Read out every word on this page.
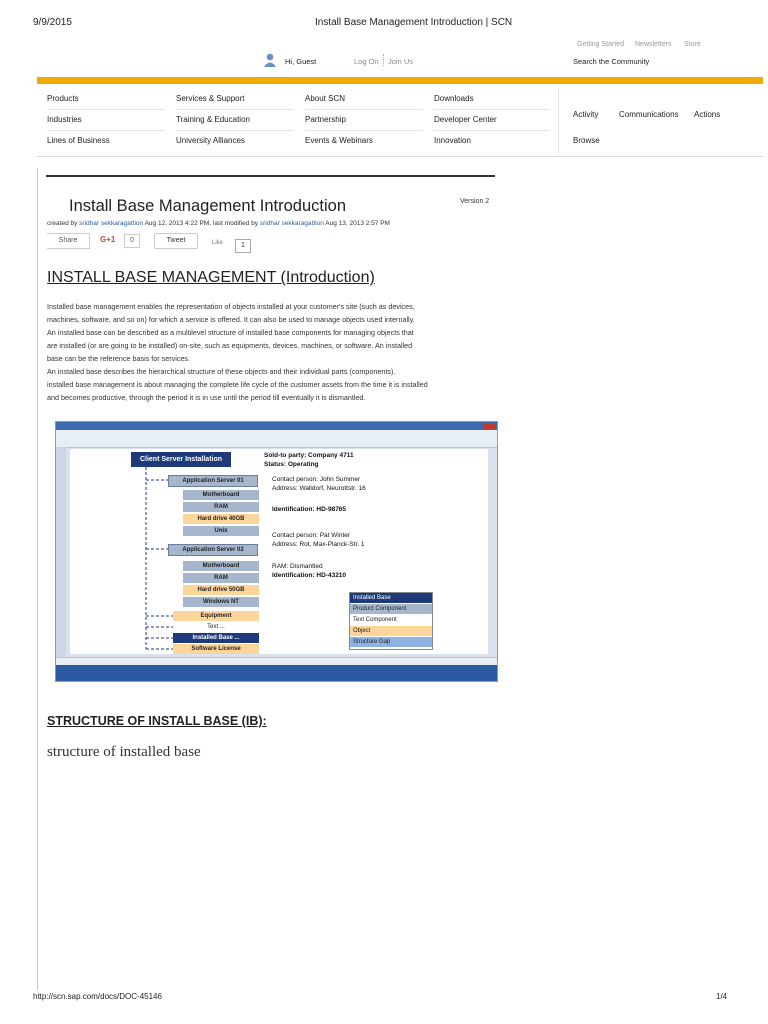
9/9/2015	Install Base Management Introduction | SCN
Getting Started Newsletters Store
Hi, Guest	Log On Join Us	Search the Community
Products
Industries
Lines of Business
Services & Support
Training & Education
University Alliances
About SCN
Partnership
Events & Webinars
Downloads
Developer Center
Innovation
Activity	Communications Actions
Browse
Install Base Management Introduction	Version 2
created by sridhar sekkaragattion Aug 12, 2013 4:22 PM, last modified by sridhar sekkaragattion Aug 13, 2013 2:57 PM
Share	G+1	0	Tweet	Like	1
INSTALL BASE MANAGEMENT (Introduction)
Installed base management enables the representation of objects installed at your customer's site (such as devices,
machines, software, and so on) for which a service is offered. It can also be used to manage objects used internally.
An installed base can be described as a multilevel structure of installed base components for managing objects that
are installed (or are going to be installed) on-site, such as equipments, devices, machines, or software. An installed
base can be the reference basis for services.
An installed base describes the hierarchical structure of these objects and their individual parts (components).
installed base management is about managing the complete life cycle of the customer assets from the time it is installed
and becomes productive, through the period it is in use until the period till eventually it is dismantled.
Client Server Installation
Application Server 01
Motherboard
RAM
Hard drive 40GB
Unix
Application Server 02
Motherboard
RAM
Hard drive 50GB
Windows NT
Equipment
Text ...
Installed Base ...
Software License
Sold-to party: Company 4711
Status: Operating
Contact person: John Summer
Address: Walldorf, Neurottstr. 16
Identification: HD-98765
Contact person: Pat Winter
Address: Rot, Max-Planck-Str. 1
RAM: Dismantled
Identification: HD-43210
Installed Base
Product Component
Text Component
Object
Structure Gap
STRUCTURE OF INSTALL BASE (IB):
structure of installed base
http://scn.sap.com/docs/DOC-45146	1/4
